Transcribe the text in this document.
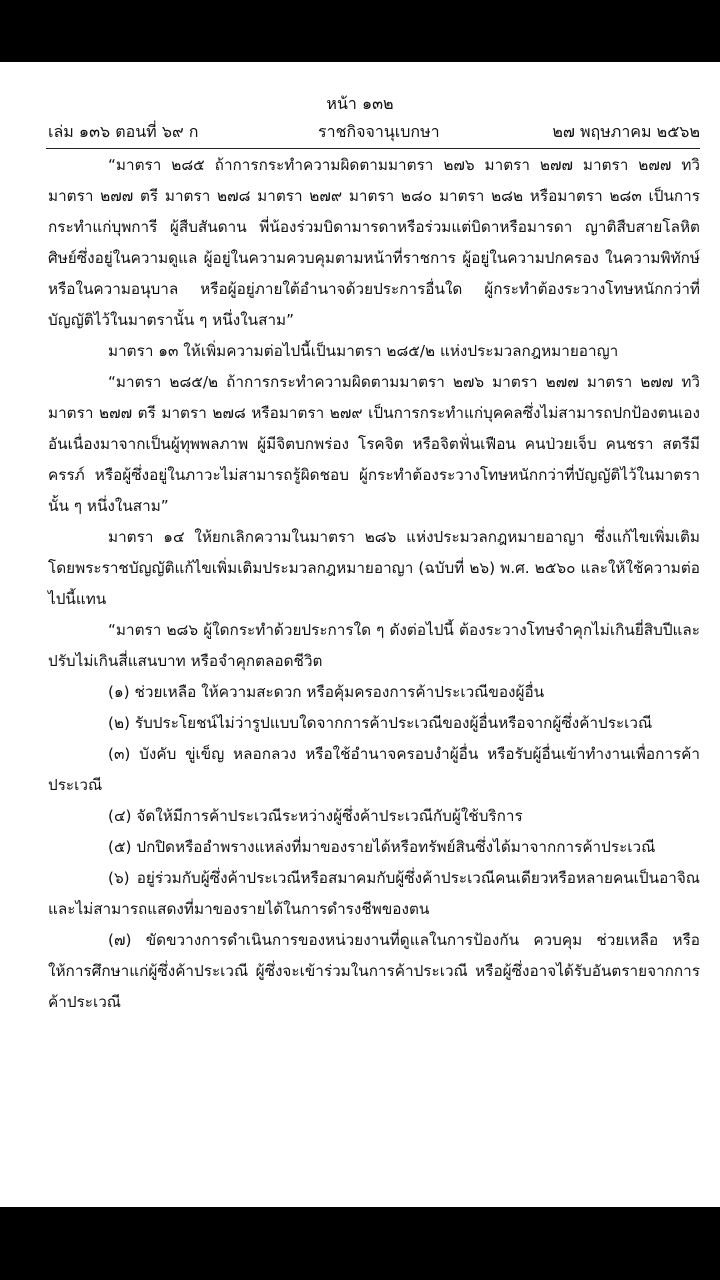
หน้า ๑๓๒
เล่ม ๑๓๖ ตอนที่ ๖๙ ก	ราชกิจจานุเบกษา	๒๗ พฤษภาคม ๒๕๖๒

“มาตรา ๒๘๕ ถ้าการกระทำความผิดตามมาตรา ๒๗๖ มาตรา ๒๗๗ มาตรา ๒๗๗ ทวิ มาตรา ๒๗๗ ตรี มาตรา ๒๗๘ มาตรา ๒๗๙ มาตรา ๒๘๐ มาตรา ๒๘๒ หรือมาตรา ๒๘๓ เป็นการกระทำแก่บุพการี ผู้สืบสันดาน พี่น้องร่วมบิดามารดาหรือร่วมแต่บิดาหรือมารดา ญาติสืบสายโลหิต ศิษย์ซึ่งอยู่ในความดูแล ผู้อยู่ในความควบคุมตามหน้าที่ราชการ ผู้อยู่ในความปกครอง ในความพิทักษ์ หรือในความอนุบาล หรือผู้อยู่ภายใต้อำนาจด้วยประการอื่นใด ผู้กระทำต้องระวางโทษหนักกว่าที่บัญญัติไว้ในมาตรานั้น ๆ หนึ่งในสาม”

มาตรา ๑๓ ให้เพิ่มความต่อไปนี้เป็นมาตรา ๒๘๕/๒ แห่งประมวลกฎหมายอาญา

“มาตรา ๒๘๕/๒ ถ้าการกระทำความผิดตามมาตรา ๒๗๖ มาตรา ๒๗๗ มาตรา ๒๗๗ ทวิ มาตรา ๒๗๗ ตรี มาตรา ๒๗๘ หรือมาตรา ๒๗๙ เป็นการกระทำแก่บุคคลซึ่งไม่สามารถปกป้องตนเองอันเนื่องมาจากเป็นผู้ทุพพลภาพ ผู้มีจิตบกพร่อง โรคจิต หรือจิตฟั่นเฟือน คนป่วยเจ็บ คนชรา สตรีมีครรภ์ หรือผู้ซึ่งอยู่ในภาวะไม่สามารถรู้ผิดชอบ ผู้กระทำต้องระวางโทษหนักกว่าที่บัญญัติไว้ในมาตรานั้น ๆ หนึ่งในสาม”

มาตรา ๑๔ ให้ยกเลิกความในมาตรา ๒๘๖ แห่งประมวลกฎหมายอาญา ซึ่งแก้ไขเพิ่มเติมโดยพระราชบัญญัติแก้ไขเพิ่มเติมประมวลกฎหมายอาญา (ฉบับที่ ๒๖) พ.ศ. ๒๕๖๐ และให้ใช้ความต่อไปนี้แทน

“มาตรา ๒๘๖ ผู้ใดกระทำด้วยประการใด ๆ ดังต่อไปนี้ ต้องระวางโทษจำคุกไม่เกินยี่สิบปีและปรับไม่เกินสี่แสนบาท หรือจำคุกตลอดชีวิต

(๑) ช่วยเหลือ ให้ความสะดวก หรือคุ้มครองการค้าประเวณีของผู้อื่น

(๒) รับประโยชน์ไม่ว่ารูปแบบใดจากการค้าประเวณีของผู้อื่นหรือจากผู้ซึ่งค้าประเวณี

(๓) บังคับ ขู่เข็ญ หลอกลวง หรือใช้อำนาจครอบงำผู้อื่น หรือรับผู้อื่นเข้าทำงานเพื่อการค้าประเวณี

(๔) จัดให้มีการค้าประเวณีระหว่างผู้ซึ่งค้าประเวณีกับผู้ใช้บริการ

(๕) ปกปิดหรืออำพรางแหล่งที่มาของรายได้หรือทรัพย์สินซึ่งได้มาจากการค้าประเวณี

(๖) อยู่ร่วมกับผู้ซึ่งค้าประเวณีหรือสมาคมกับผู้ซึ่งค้าประเวณีคนเดียวหรือหลายคนเป็นอาจิณและไม่สามารถแสดงที่มาของรายได้ในการดำรงชีพของตน

(๗) ขัดขวางการดำเนินการของหน่วยงานที่ดูแลในการป้องกัน ควบคุม ช่วยเหลือ หรือให้การศึกษาแก่ผู้ซึ่งค้าประเวณี ผู้ซึ่งจะเข้าร่วมในการค้าประเวณี หรือผู้ซึ่งอาจได้รับอันตรายจากการค้าประเวณี
